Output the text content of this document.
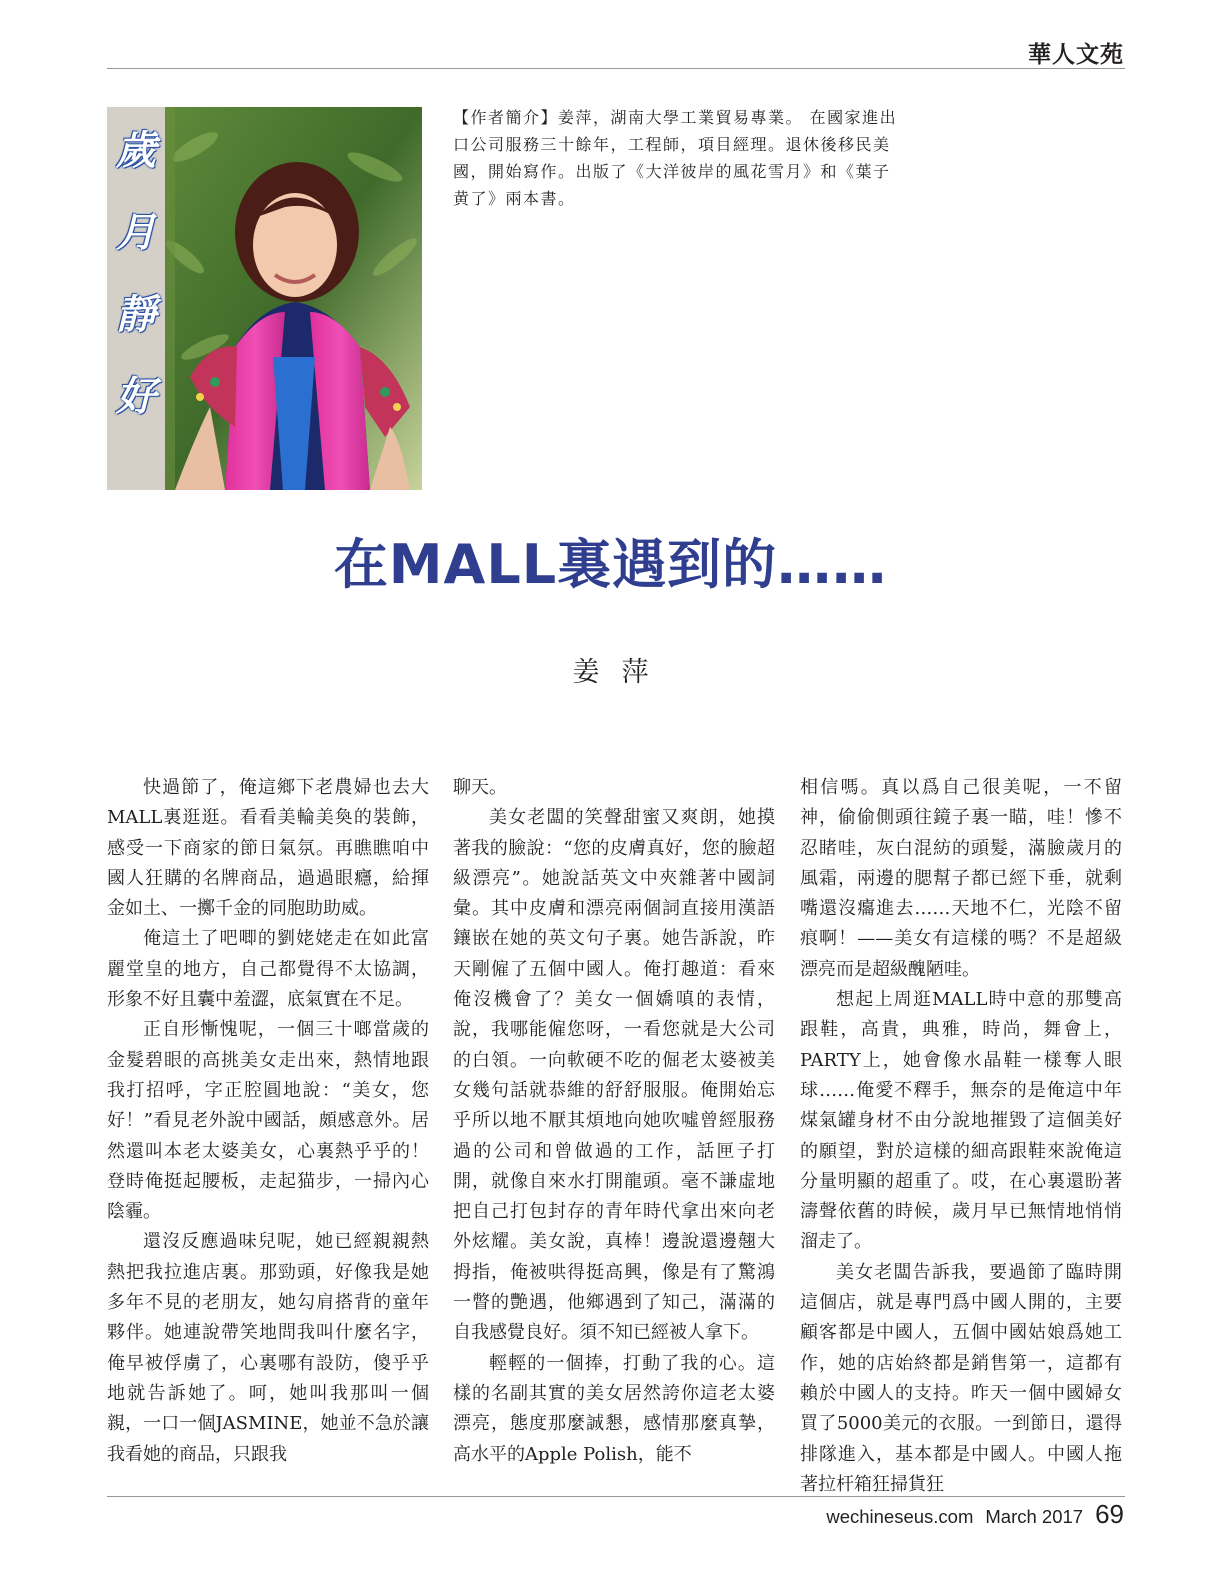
華人文苑
歲
月
靜
好

【作者簡介】姜萍，湖南大學工業貿易專業。 在國家進出口公司服務三十餘年，工程師，項目經理。退休後移民美國，開始寫作。出版了《大洋彼岸的風花雪月》和《葉子黄了》兩本書。

在MALL裏遇到的……
姜萍

快過節了，俺這鄉下老農婦也去大MALL裏逛逛。看看美輪美奐的裝飾，感受一下商家的節日氣氛。再瞧瞧咱中國人狂購的名牌商品，過過眼癮，給揮金如土、一擲千金的同胞助助威。

俺這土了吧唧的劉姥姥走在如此富麗堂皇的地方，自己都覺得不太協調，形象不好且囊中羞澀，底氣實在不足。

正自形慚愧呢，一個三十啷當歲的金髮碧眼的高挑美女走出來，熱情地跟我打招呼，字正腔圓地說：“美女，您好！”看見老外說中國話，頗感意外。居然還叫本老太婆美女，心裏熱乎乎的！登時俺挺起腰板，走起猫步，一掃內心陰霾。

還沒反應過味兒呢，她已經親親熱熱把我拉進店裏。那勁頭，好像我是她多年不見的老朋友，她勾肩搭背的童年夥伴。她連說帶笑地問我叫什麼名字，俺早被俘虜了，心裏哪有設防，傻乎乎地就告訴她了。呵，她叫我那叫一個親，一口一個JASMINE，她並不急於讓我看她的商品，只跟我

聊天。

美女老闆的笑聲甜蜜又爽朗，她摸著我的臉說：“您的皮膚真好，您的臉超級漂亮”。她說話英文中夾雜著中國詞彙。其中皮膚和漂亮兩個詞直接用漢語鑲嵌在她的英文句子裏。她告訴說，昨天剛僱了五個中國人。俺打趣道：看來俺沒機會了？美女一個嬌嗔的表情，說，我哪能僱您呀，一看您就是大公司的白領。一向軟硬不吃的倔老太婆被美女幾句話就恭維的舒舒服服。俺開始忘乎所以地不厭其煩地向她吹噓曾經服務過的公司和曾做過的工作，話匣子打開，就像自來水打開龍頭。毫不謙虛地把自己打包封存的青年時代拿出來向老外炫耀。美女說，真棒！邊說還邊翹大拇指，俺被哄得挺高興，像是有了驚鴻一瞥的艷遇，他鄉遇到了知己，滿滿的自我感覺良好。須不知已經被人拿下。

輕輕的一個捧，打動了我的心。這樣的名副其實的美女居然誇你這老太婆漂亮，態度那麼誠懇，感情那麼真摯，高水平的Apple Polish，能不

相信嗎。真以爲自己很美呢，一不留神，偷偷側頭往鏡子裏一瞄，哇！慘不忍睹哇，灰白混紡的頭髮，滿臉歲月的風霜，兩邊的腮幫子都已經下垂，就剩嘴還沒癟進去……天地不仁，光陰不留痕啊！——美女有這樣的嗎？不是超級漂亮而是超級醜陋哇。

想起上周逛MALL時中意的那雙高跟鞋，高貴，典雅，時尚，舞會上，PARTY上，她會像水晶鞋一樣奪人眼球……俺愛不釋手，無奈的是俺這中年煤氣罐身材不由分說地摧毀了這個美好的願望，對於這樣的細高跟鞋來說俺這分量明顯的超重了。哎，在心裏還盼著濤聲依舊的時候，歲月早已無情地悄悄溜走了。

美女老闆告訴我，要過節了臨時開這個店，就是專門爲中國人開的，主要顧客都是中國人，五個中國姑娘爲她工作，她的店始終都是銷售第一，這都有賴於中國人的支持。昨天一個中國婦女買了5000美元的衣服。一到節日，還得排隊進入，基本都是中國人。中國人拖著拉杆箱狂掃貨狂

wechineseus.com March 2017 69
